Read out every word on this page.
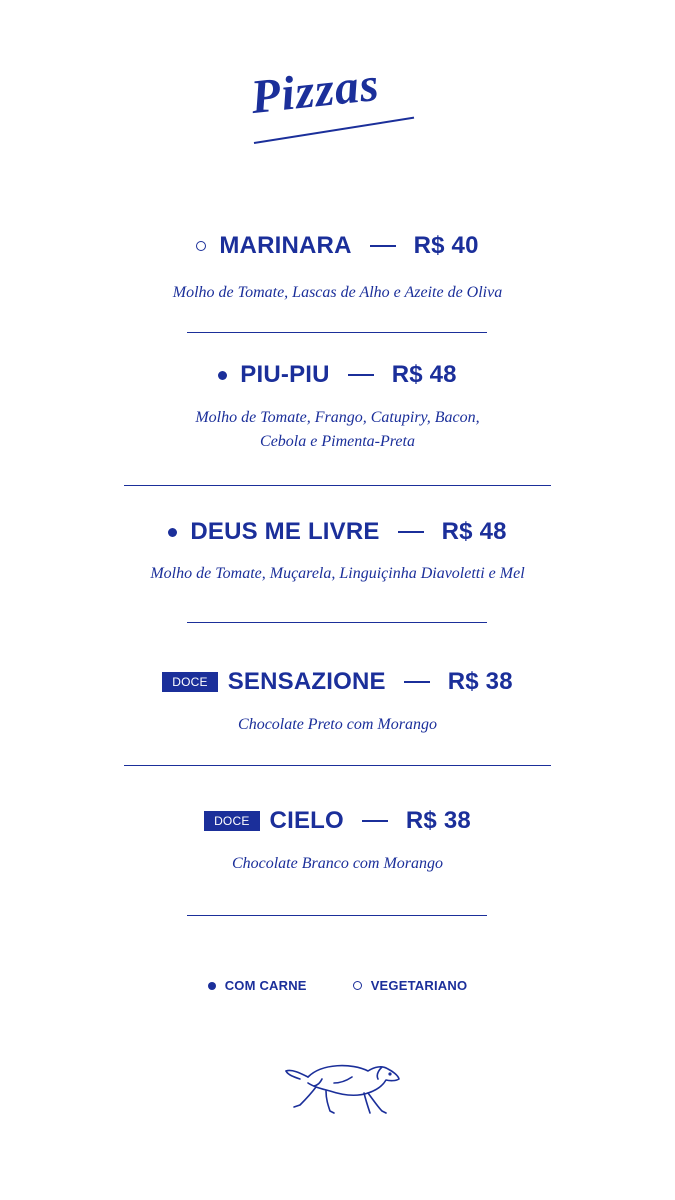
Pizzas
MARINARA	R$ 40
Molho de Tomate, Lascas de Alho e Azeite de Oliva
PIU-PIU	R$ 48
Molho de Tomate, Frango, Catupiry, Bacon,
Cebola e Pimenta-Preta
DEUS ME LIVRE	R$ 48
Molho de Tomate, Muçarela, Linguiçinha Diavoletti e Mel
DOCE SENSAZIONE	R$ 38
Chocolate Preto com Morango
DOCE CIELO	R$ 38
Chocolate Branco com Morango
COM CARNE	VEGETARIANO
